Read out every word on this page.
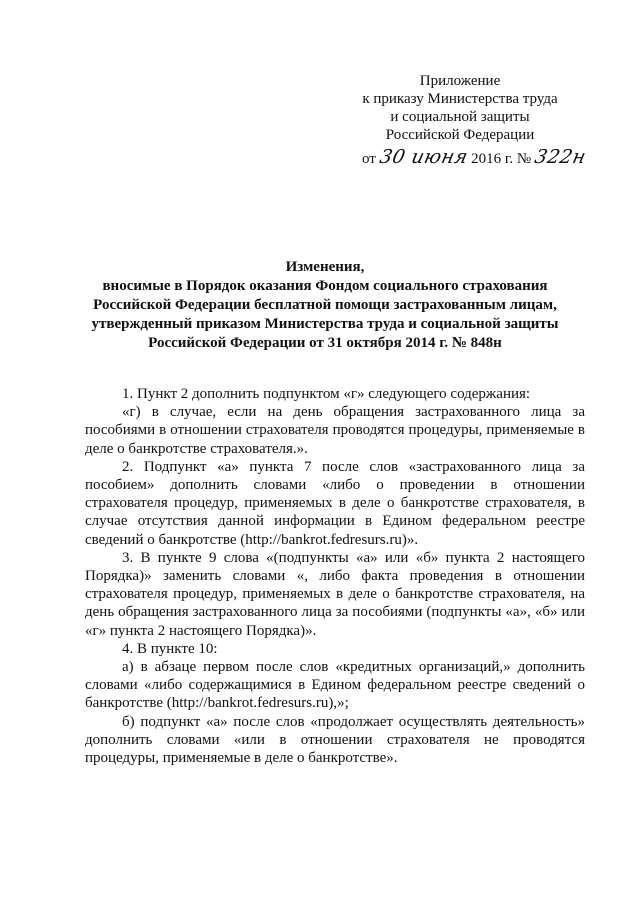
Приложение
к приказу Министерства труда
и социальной защиты
Российской Федерации
от 30 июня 2016 г. № 322н
Изменения,
вносимые в Порядок оказания Фондом социального страхования
Российской Федерации бесплатной помощи застрахованным лицам,
утвержденный приказом Министерства труда и социальной защиты
Российской Федерации от 31 октября 2014 г. № 848н

1. Пункт 2 дополнить подпунктом «г» следующего содержания:

«г) в случае, если на день обращения застрахованного лица за пособиями в отношении страхователя проводятся процедуры, применяемые в деле о банкротстве страхователя.».

2. Подпункт «а» пункта 7 после слов «застрахованного лица за пособием» дополнить словами «либо о проведении в отношении страхователя процедур, применяемых в деле о банкротстве страхователя, в случае отсутствия данной информации в Едином федеральном реестре сведений о банкротстве (http://bankrot.fedresurs.ru)».

3. В пункте 9 слова «(подпункты «а» или «б» пункта 2 настоящего Порядка)» заменить словами «, либо факта проведения в отношении страхователя процедур, применяемых в деле о банкротстве страхователя, на день обращения застрахованного лица за пособиями (подпункты «а», «б» или «г» пункта 2 настоящего Порядка)».

4. В пункте 10:

а) в абзаце первом после слов «кредитных организаций,» дополнить словами «либо содержащимися в Едином федеральном реестре сведений о банкротстве (http://bankrot.fedresurs.ru),»;

б) подпункт «а» после слов «продолжает осуществлять деятельность» дополнить словами «или в отношении страхователя не проводятся процедуры, применяемые в деле о банкротстве».
